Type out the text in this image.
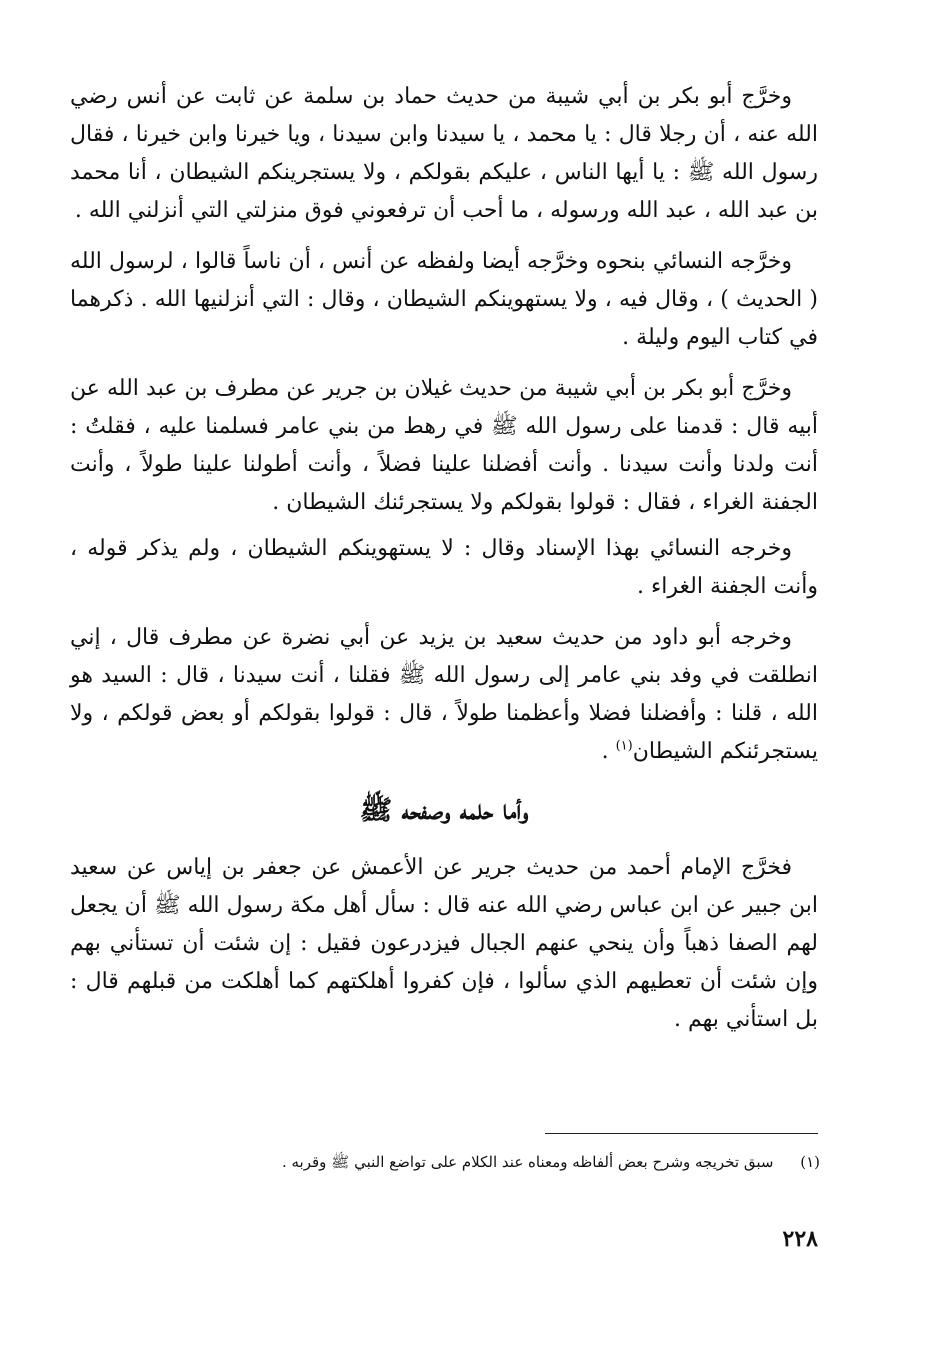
وخرَّج أبو بكر بن أبي شيبة من حديث حماد بن سلمة عن ثابت عن أنس رضي الله عنه ، أن رجلا قال : يا محمد ، يا سيدنا وابن سيدنا ، ويا خيرنا وابن خيرنا ، فقال رسول الله ﷺ : يا أيها الناس ، عليكم بقولكم ، ولا يستجرينكم الشيطان ، أنا محمد بن عبد الله ، عبد الله ورسوله ، ما أحب أن ترفعوني فوق منزلتي التي أنزلني الله .

وخرَّجه النسائي بنحوه وخرَّجه أيضا ولفظه عن أنس ، أن ناساً قالوا ، لرسول الله ( الحديث ) ، وقال فيه ، ولا يستهوينكم الشيطان ، وقال : التي أنزلنيها الله . ذكرهما في كتاب اليوم وليلة .

وخرَّج أبو بكر بن أبي شيبة من حديث غيلان بن جرير عن مطرف بن عبد الله عن أبيه قال : قدمنا على رسول الله ﷺ في رهط من بني عامر فسلمنا عليه ، فقلتُ : أنت ولدنا وأنت سيدنا . وأنت أفضلنا علينا فضلاً ، وأنت أطولنا علينا طولاً ، وأنت الجفنة الغراء ، فقال : قولوا بقولكم ولا يستجرئنك الشيطان .

وخرجه النسائي بهذا الإسناد وقال : لا يستهوينكم الشيطان ، ولم يذكر قوله ، وأنت الجفنة الغراء .

وخرجه أبو داود من حديث سعيد بن يزيد عن أبي نضرة عن مطرف قال ، إني انطلقت في وفد بني عامر إلى رسول الله ﷺ فقلنا ، أنت سيدنا ، قال : السيد هو الله ، قلنا : وأفضلنا فضلا وأعظمنا طولاً ، قال : قولوا بقولكم أو بعض قولكم ، ولا يستجرئنكم الشيطان$^{(١)}$ .

وأما حلمه وصفحه ﷺ

فخرَّج الإمام أحمد من حديث جرير عن الأعمش عن جعفر بن إياس عن سعيد ابن جبير عن ابن عباس رضي الله عنه قال : سأل أهل مكة رسول الله ﷺ أن يجعل لهم الصفا ذهباً وأن ينحي عنهم الجبال فيزدرعون فقيل : إن شئت أن تستأني بهم وإن شئت أن تعطيهم الذي سألوا ، فإن كفروا أهلكتهم كما أهلكت من قبلهم قال : بل استأني بهم .

(١) سبق تخريجه وشرح بعض ألفاظه ومعناه عند الكلام على تواضع النبي ﷺ وقربه .
٢٢٨
